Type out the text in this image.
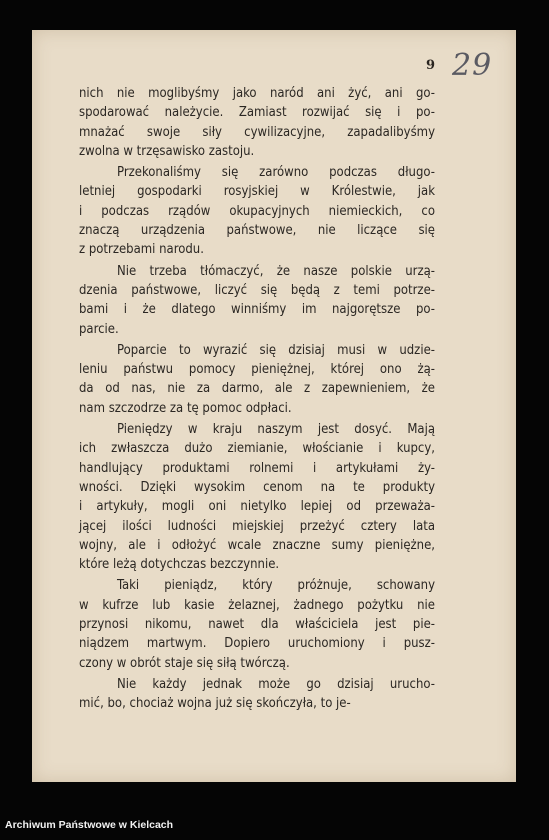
9 29
nich nie moglibyśmy jako naród ani żyć, ani go-
spodarować należycie. Zamiast rozwijać się i po-
mnażać swoje siły cywilizacyjne, zapadalibyśmy
zwolna w trzęsawisko zastoju.
Przekonaliśmy się zarówno podczas długo-
letniej gospodarki rosyjskiej w Królestwie, jak
i podczas rządów okupacyjnych niemieckich, co
znaczą urządzenia państwowe, nie liczące się
z potrzebami narodu.
Nie trzeba tłómaczyć, że nasze polskie urzą-
dzenia państwowe, liczyć się będą z temi potrze-
bami i że dlatego winniśmy im najgorętsze po-
parcie.
Poparcie to wyrazić się dzisiaj musi w udzie-
leniu państwu pomocy pieniężnej, której ono żą-
da od nas, nie za darmo, ale z zapewnieniem, że
nam szczodrze za tę pomoc odpłaci.
Pieniędzy w kraju naszym jest dosyć. Mają
ich zwłaszcza dużo ziemianie, włościanie i kupcy,
handlujący produktami rolnemi i artykułami ży-
wności. Dzięki wysokim cenom na te produkty
i artykuły, mogli oni nietylko lepiej od przeważa-
jącej ilości ludności miejskiej przeżyć cztery lata
wojny, ale i odłożyć wcale znaczne sumy pieniężne,
które leżą dotychczas bezczynnie.
Taki pieniądz, który próżnuje, schowany
w kufrze lub kasie żelaznej, żadnego pożytku nie
przynosi nikomu, nawet dla właściciela jest pie-
niądzem martwym. Dopiero uruchomiony i pusz-
czony w obrót staje się siłą twórczą.
Nie każdy jednak może go dzisiaj urucho-
mić, bo, chociaż wojna już się skończyła, to je-
Archiwum Państwowe w Kielcach
